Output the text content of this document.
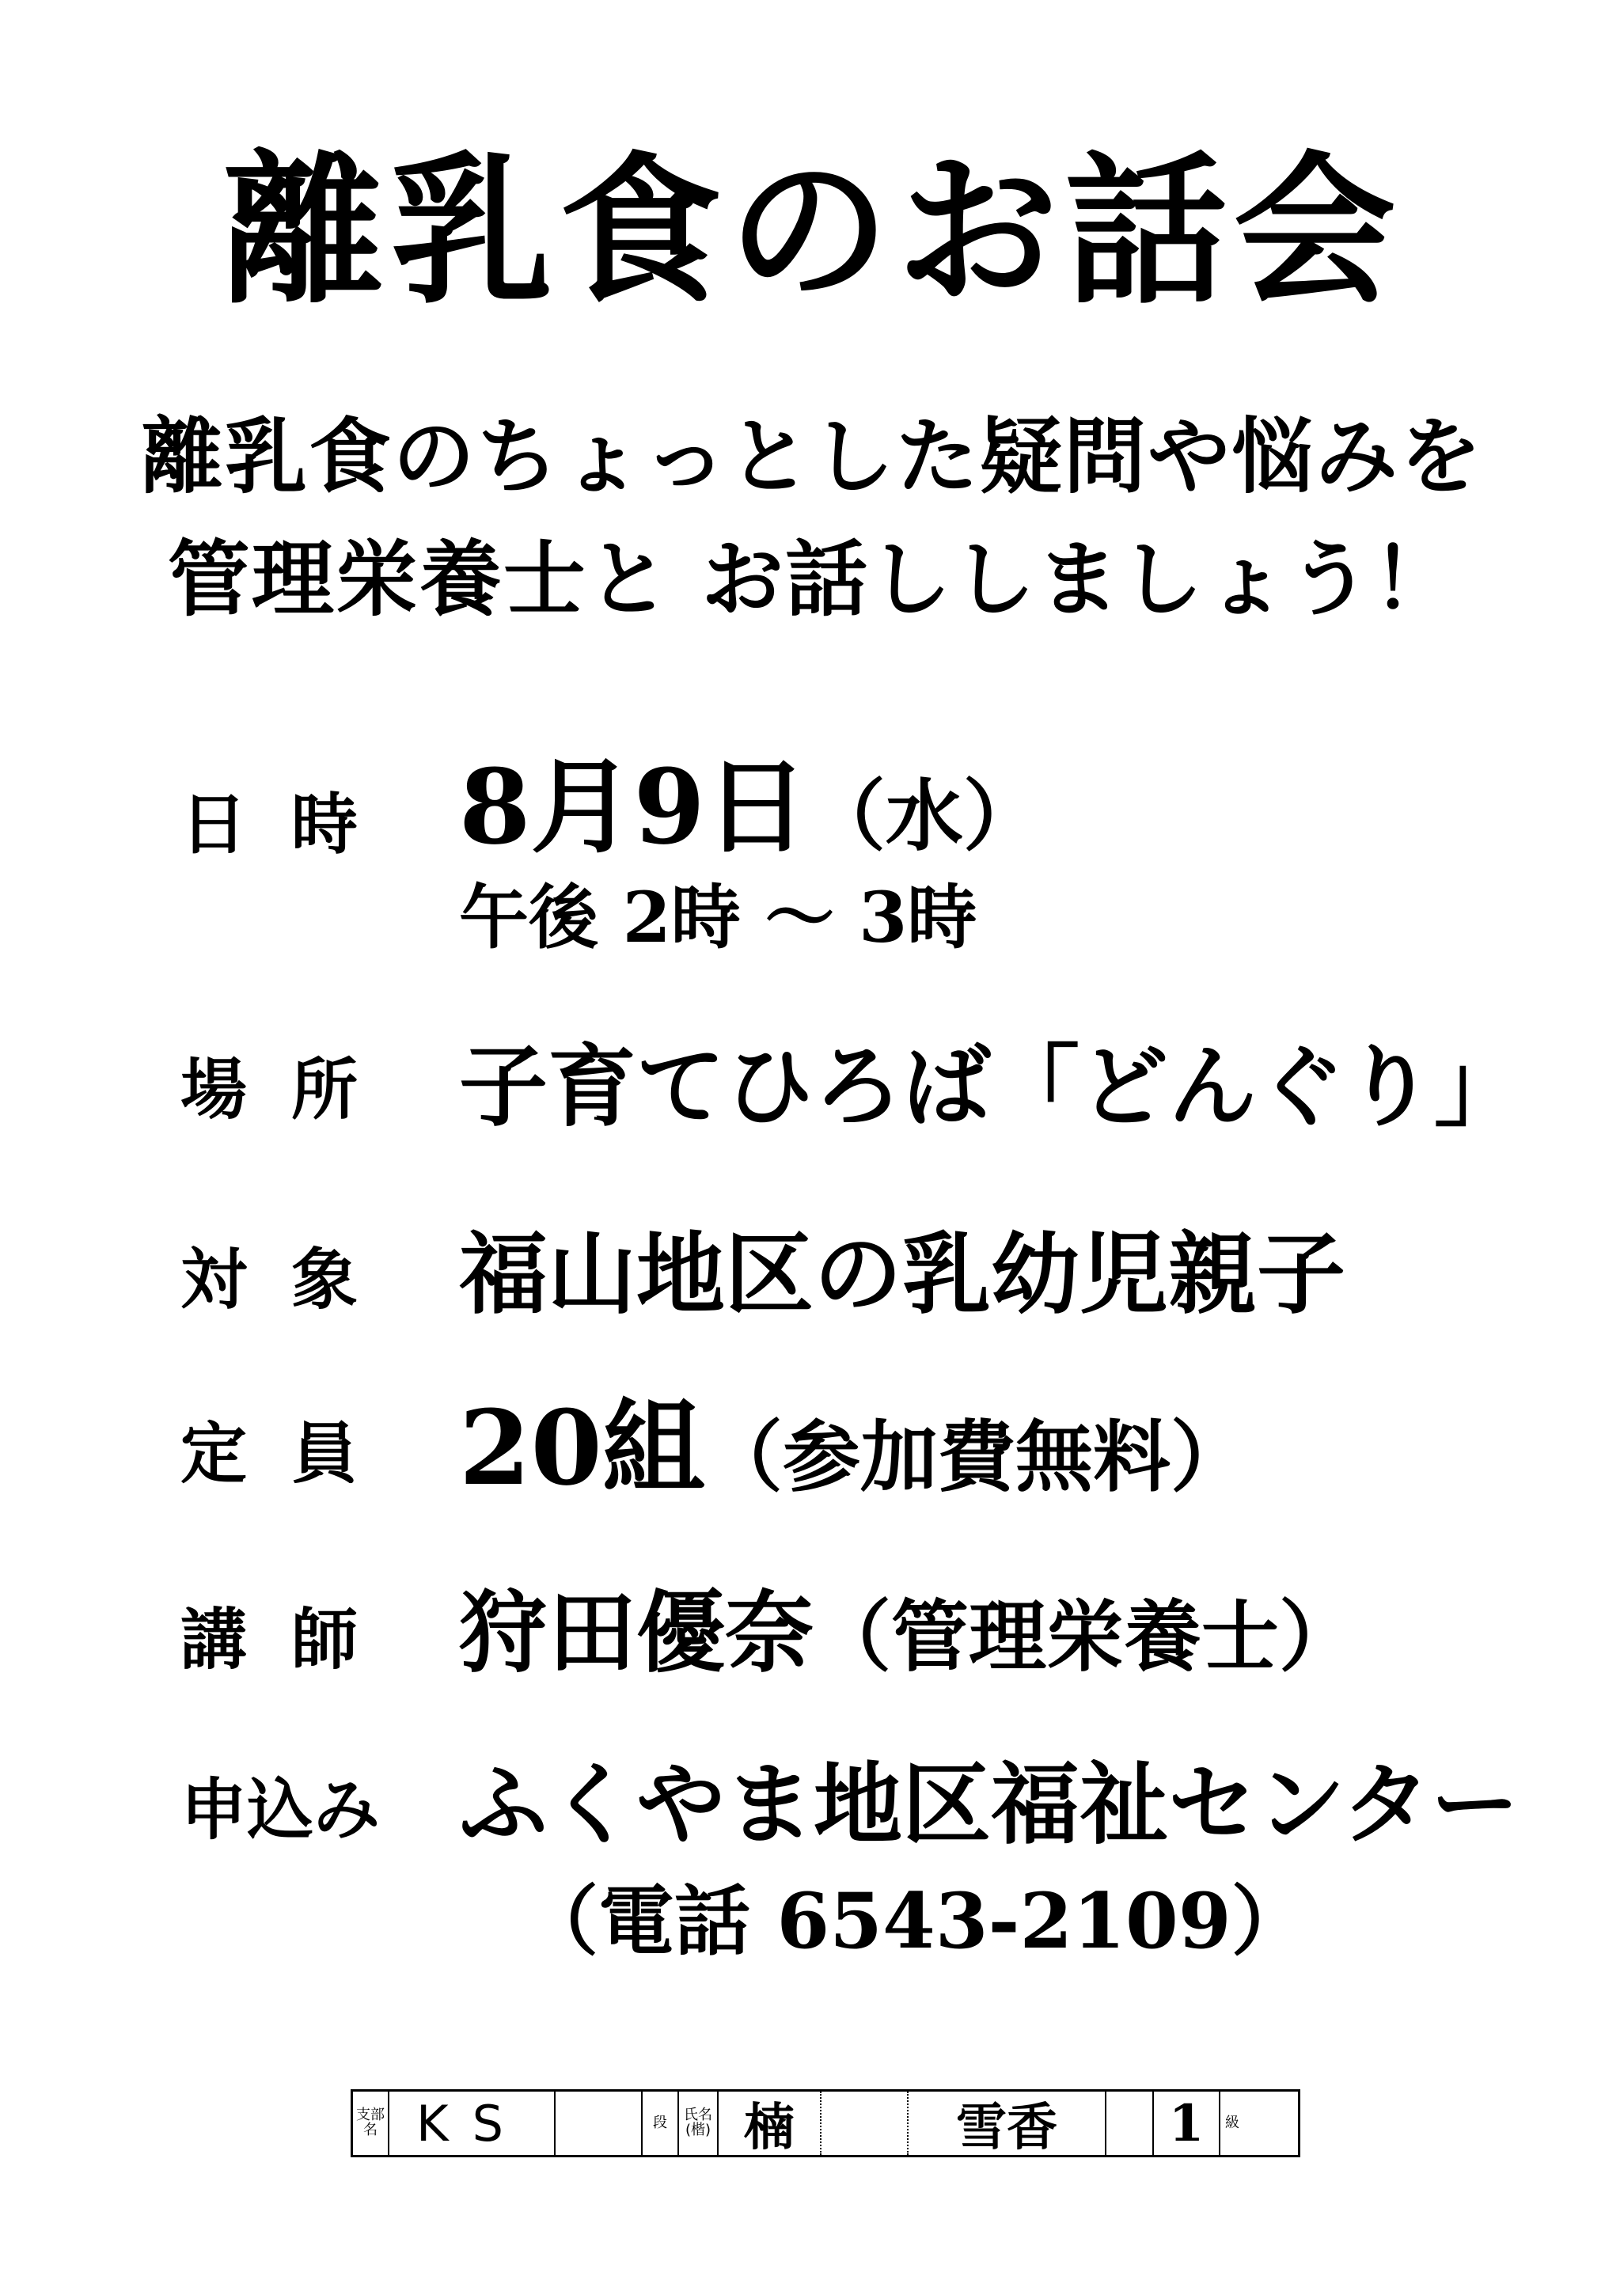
離乳食のお話会
離乳食のちょっとした疑問や悩みを
管理栄養士と お話ししましょう！
日時 8月9日（水）
午後 2時 〜 3時
場所 子育てひろば「どんぐり」
対象 福山地区の乳幼児親子
定員 20組（参加費無料）
講師 狩田優奈（管理栄養士）
申込み ふくやま地区福祉センター
（電話 6543-2109）
支部名 KS	段	氏名(楷) 楠	雪香	1	級
